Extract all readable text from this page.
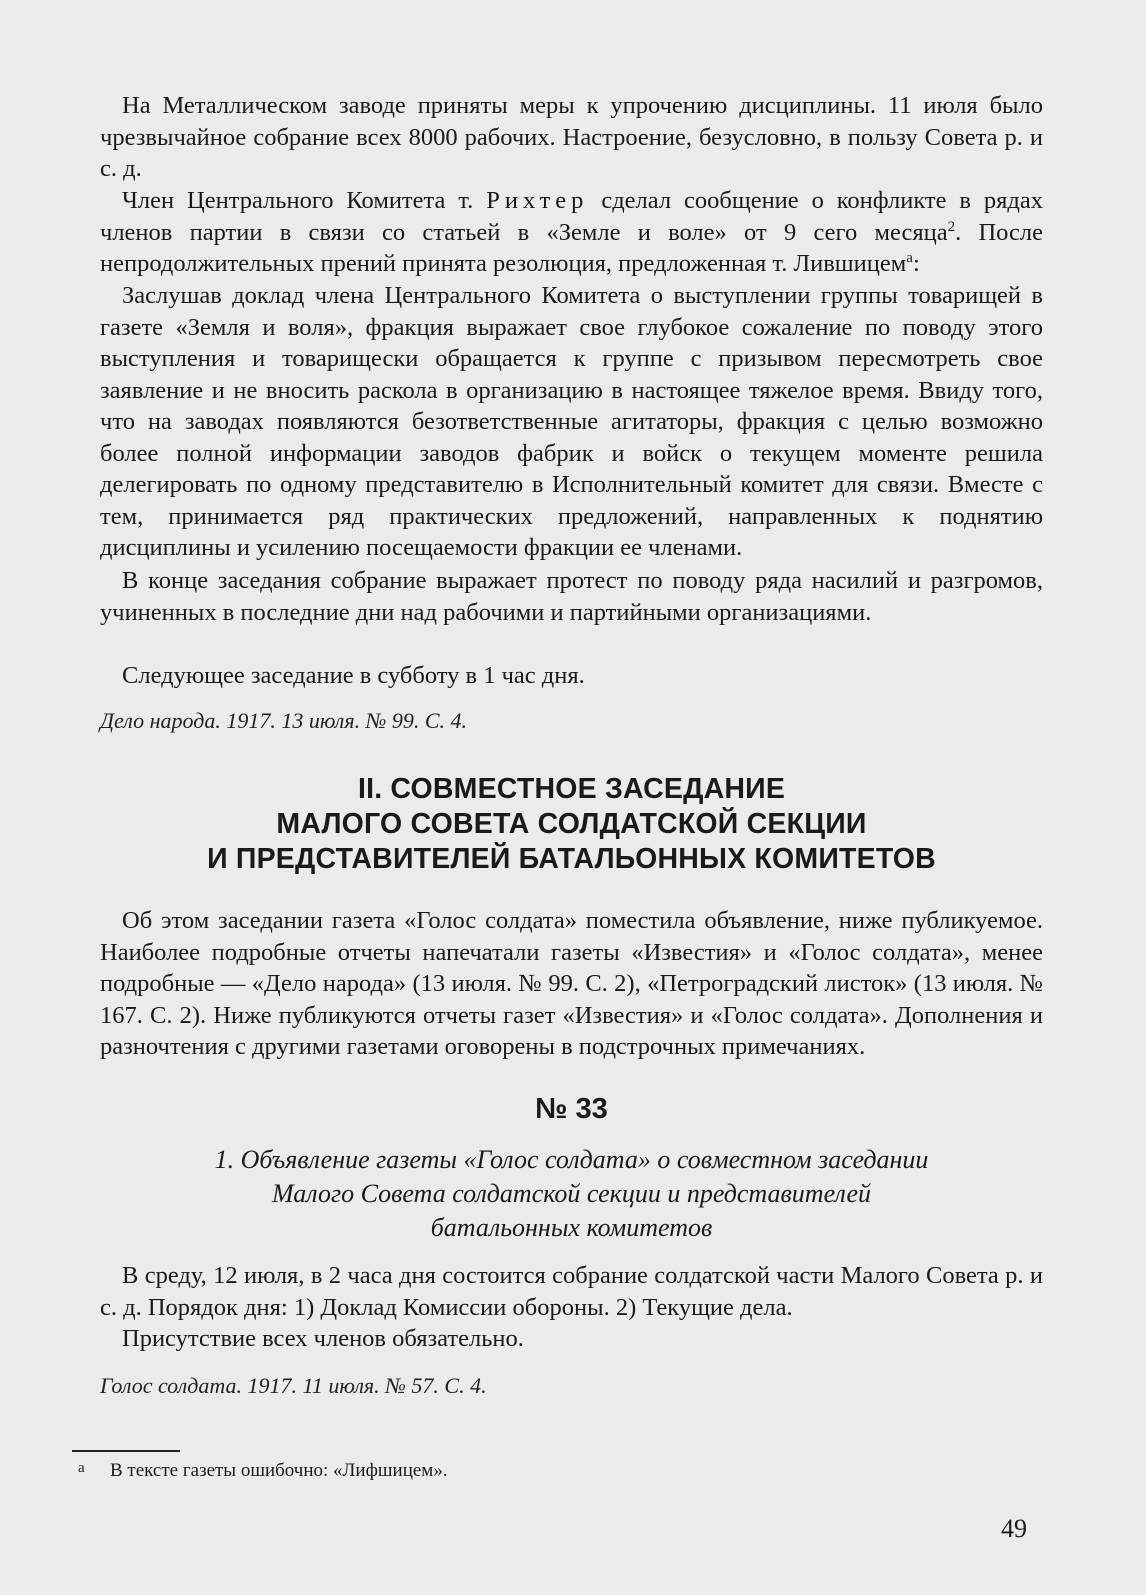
На Металлическом заводе приняты меры к упрочению дисциплины. 11 июля было чрезвычайное собрание всех 8000 рабочих. Настроение, безусловно, в пользу Совета р. и с. д.

Член Центрального Комитета т. Рихтер сделал сообщение о конфликте в рядах членов партии в связи со статьей в «Земле и воле» от 9 сего месяца$^2$. После непродолжительных прений принята резолюция, предложенная т. Лившицем$^а$:

Заслушав доклад члена Центрального Комитета о выступлении группы товарищей в газете «Земля и воля», фракция выражает свое глубокое сожаление по поводу этого выступления и товарищески обращается к группе с призывом пересмотреть свое заявление и не вносить раскола в организацию в настоящее тяжелое время. Ввиду того, что на заводах появляются безответственные агитаторы, фракция с целью возможно более полной информации заводов фабрик и войск о текущем моменте решила делегировать по одному представителю в Исполнительный комитет для связи. Вместе с тем, принимается ряд практических предложений, направленных к поднятию дисциплины и усилению посещаемости фракции ее членами.

В конце заседания собрание выражает протест по поводу ряда насилий и разгромов, учиненных в последние дни над рабочими и партийными организациями.

Следующее заседание в субботу в 1 час дня.

Дело народа. 1917. 13 июля. № 99. С. 4.

II. СОВМЕСТНОЕ ЗАСЕДАНИЕ

МАЛОГО СОВЕТА СОЛДАТСКОЙ СЕКЦИИ

И ПРЕДСТАВИТЕЛЕЙ БАТАЛЬОННЫХ КОМИТЕТОВ

Об этом заседании газета «Голос солдата» поместила объявление, ниже публикуемое. Наиболее подробные отчеты напечатали газеты «Известия» и «Голос солдата», менее подробные — «Дело народа» (13 июля. № 99. С. 2), «Петроградский листок» (13 июля. № 167. С. 2). Ниже публикуются отчеты газет «Известия» и «Голос солдата». Дополнения и разночтения с другими газетами оговорены в подстрочных примечаниях.

№ 33

1. Объявление газеты «Голос солдата» о совместном заседании

Малого Совета солдатской секции и представителей

батальонных комитетов

В среду, 12 июля, в 2 часа дня состоится собрание солдатской части Малого Совета р. и с. д. Порядок дня: 1) Доклад Комиссии обороны. 2) Текущие дела.

Присутствие всех членов обязательно.

Голос солдата. 1917. 11 июля. № 57. С. 4.

а В тексте газеты ошибочно: «Лифшицем».

49
